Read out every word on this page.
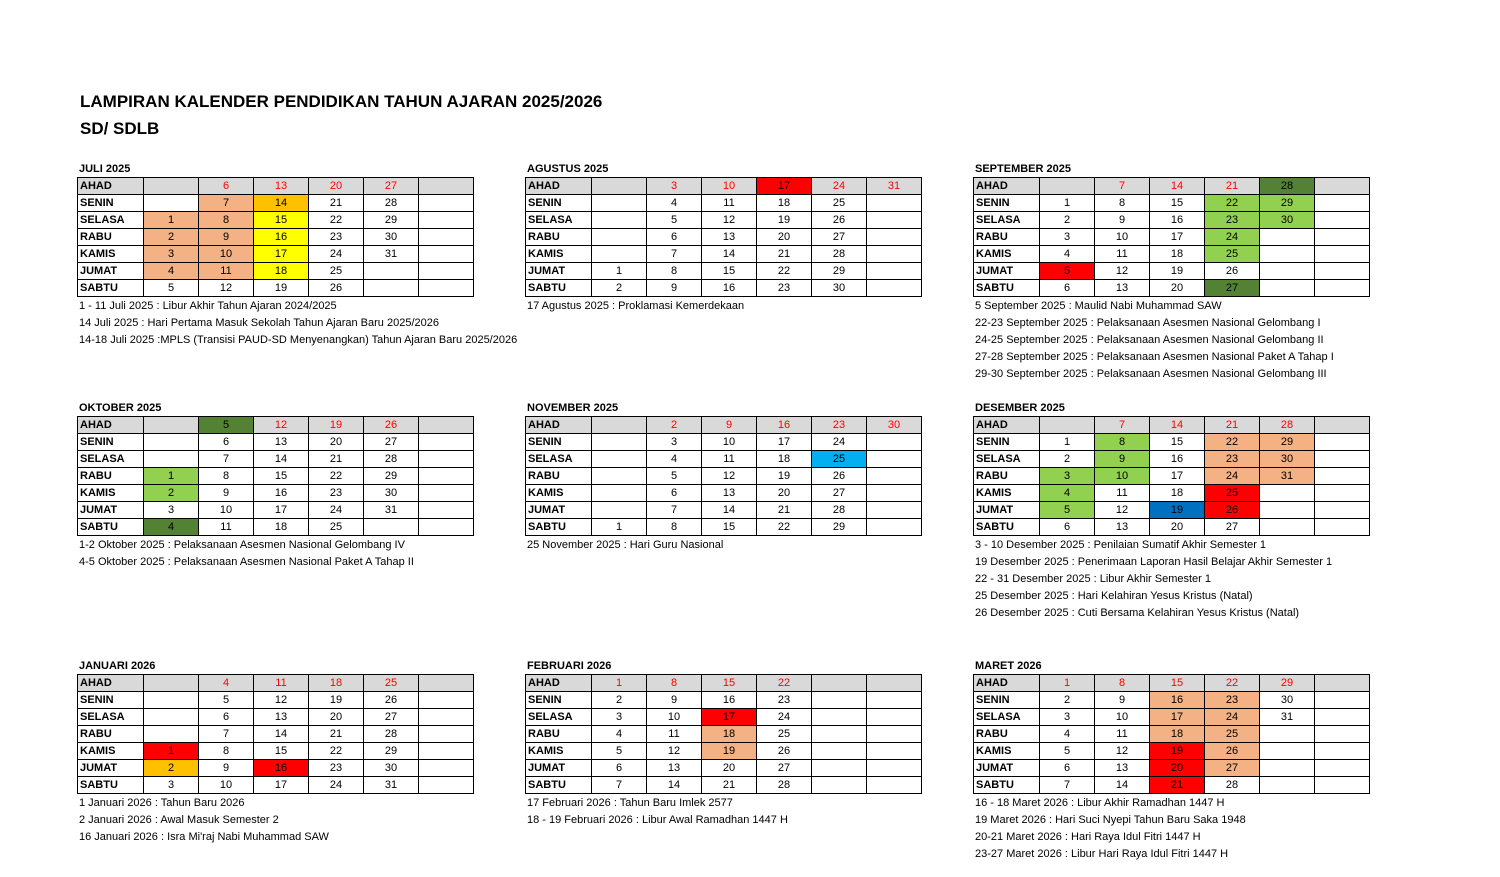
LAMPIRAN KALENDER PENDIDIKAN TAHUN AJARAN 2025/2026
SD/ SDLB
JULI 2025
AHAD		6	13	20	27	
SENIN		7	14	21	28	
SELASA	1	8	15	22	29	
RABU	2	9	16	23	30	
KAMIS	3	10	17	24	31	
JUMAT	4	11	18	25		
SABTU	5	12	19	26		
1 - 11 Juli 2025 : Libur Akhir Tahun Ajaran 2024/2025
14 Juli 2025 : Hari Pertama Masuk Sekolah Tahun Ajaran Baru 2025/2026
14-18 Juli 2025 :MPLS (Transisi PAUD-SD Menyenangkan) Tahun Ajaran Baru 2025/2026
AGUSTUS 2025
AHAD		3	10	17	24	31
SENIN		4	11	18	25	
SELASA		5	12	19	26	
RABU		6	13	20	27	
KAMIS		7	14	21	28	
JUMAT	1	8	15	22	29	
SABTU	2	9	16	23	30	
17 Agustus 2025 : Proklamasi Kemerdekaan
SEPTEMBER 2025
AHAD		7	14	21	28	
SENIN	1	8	15	22	29	
SELASA	2	9	16	23	30	
RABU	3	10	17	24		
KAMIS	4	11	18	25		
JUMAT	5	12	19	26		
SABTU	6	13	20	27		
5 September 2025 : Maulid Nabi Muhammad SAW
22-23 September 2025 : Pelaksanaan Asesmen Nasional Gelombang I
24-25 September 2025 : Pelaksanaan Asesmen Nasional Gelombang II
27-28 September 2025 : Pelaksanaan Asesmen Nasional Paket A Tahap I
29-30 September 2025 : Pelaksanaan Asesmen Nasional Gelombang III
OKTOBER 2025
AHAD		5	12	19	26	
SENIN		6	13	20	27	
SELASA		7	14	21	28	
RABU	1	8	15	22	29	
KAMIS	2	9	16	23	30	
JUMAT	3	10	17	24	31	
SABTU	4	11	18	25		
1-2 Oktober 2025 : Pelaksanaan Asesmen Nasional Gelombang IV
4-5 Oktober 2025 : Pelaksanaan Asesmen Nasional Paket A Tahap II
NOVEMBER 2025
AHAD		2	9	16	23	30
SENIN		3	10	17	24	
SELASA		4	11	18	25	
RABU		5	12	19	26	
KAMIS		6	13	20	27	
JUMAT		7	14	21	28	
SABTU	1	8	15	22	29	
25 November 2025 : Hari Guru Nasional
DESEMBER 2025
AHAD		7	14	21	28	
SENIN	1	8	15	22	29	
SELASA	2	9	16	23	30	
RABU	3	10	17	24	31	
KAMIS	4	11	18	25		
JUMAT	5	12	19	26		
SABTU	6	13	20	27		
3 - 10 Desember 2025 : Penilaian Sumatif Akhir Semester 1
19 Desember 2025 : Penerimaan Laporan Hasil Belajar Akhir Semester 1
22 - 31 Desember 2025 : Libur Akhir Semester 1
25 Desember 2025 : Hari Kelahiran Yesus Kristus (Natal)
26 Desember 2025 : Cuti Bersama Kelahiran Yesus Kristus (Natal)
JANUARI 2026
AHAD		4	11	18	25	
SENIN		5	12	19	26	
SELASA		6	13	20	27	
RABU		7	14	21	28	
KAMIS	1	8	15	22	29	
JUMAT	2	9	16	23	30	
SABTU	3	10	17	24	31	
1 Januari 2026 : Tahun Baru 2026
2 Januari 2026 : Awal Masuk Semester 2
16 Januari 2026 : Isra Mi'raj Nabi Muhammad SAW
FEBRUARI 2026
AHAD	1	8	15	22		
SENIN	2	9	16	23		
SELASA	3	10	17	24		
RABU	4	11	18	25		
KAMIS	5	12	19	26		
JUMAT	6	13	20	27		
SABTU	7	14	21	28		
17 Februari 2026 : Tahun Baru Imlek 2577
18 - 19 Februari 2026 : Libur Awal Ramadhan 1447 H
MARET 2026
AHAD	1	8	15	22	29	
SENIN	2	9	16	23	30	
SELASA	3	10	17	24	31	
RABU	4	11	18	25		
KAMIS	5	12	19	26		
JUMAT	6	13	20	27		
SABTU	7	14	21	28		
16 - 18 Maret 2026 : Libur Akhir Ramadhan 1447 H
19 Maret 2026 : Hari Suci Nyepi Tahun Baru Saka 1948
20-21 Maret 2026 : Hari Raya Idul Fitri 1447 H
23-27 Maret 2026 : Libur Hari Raya Idul Fitri 1447 H
